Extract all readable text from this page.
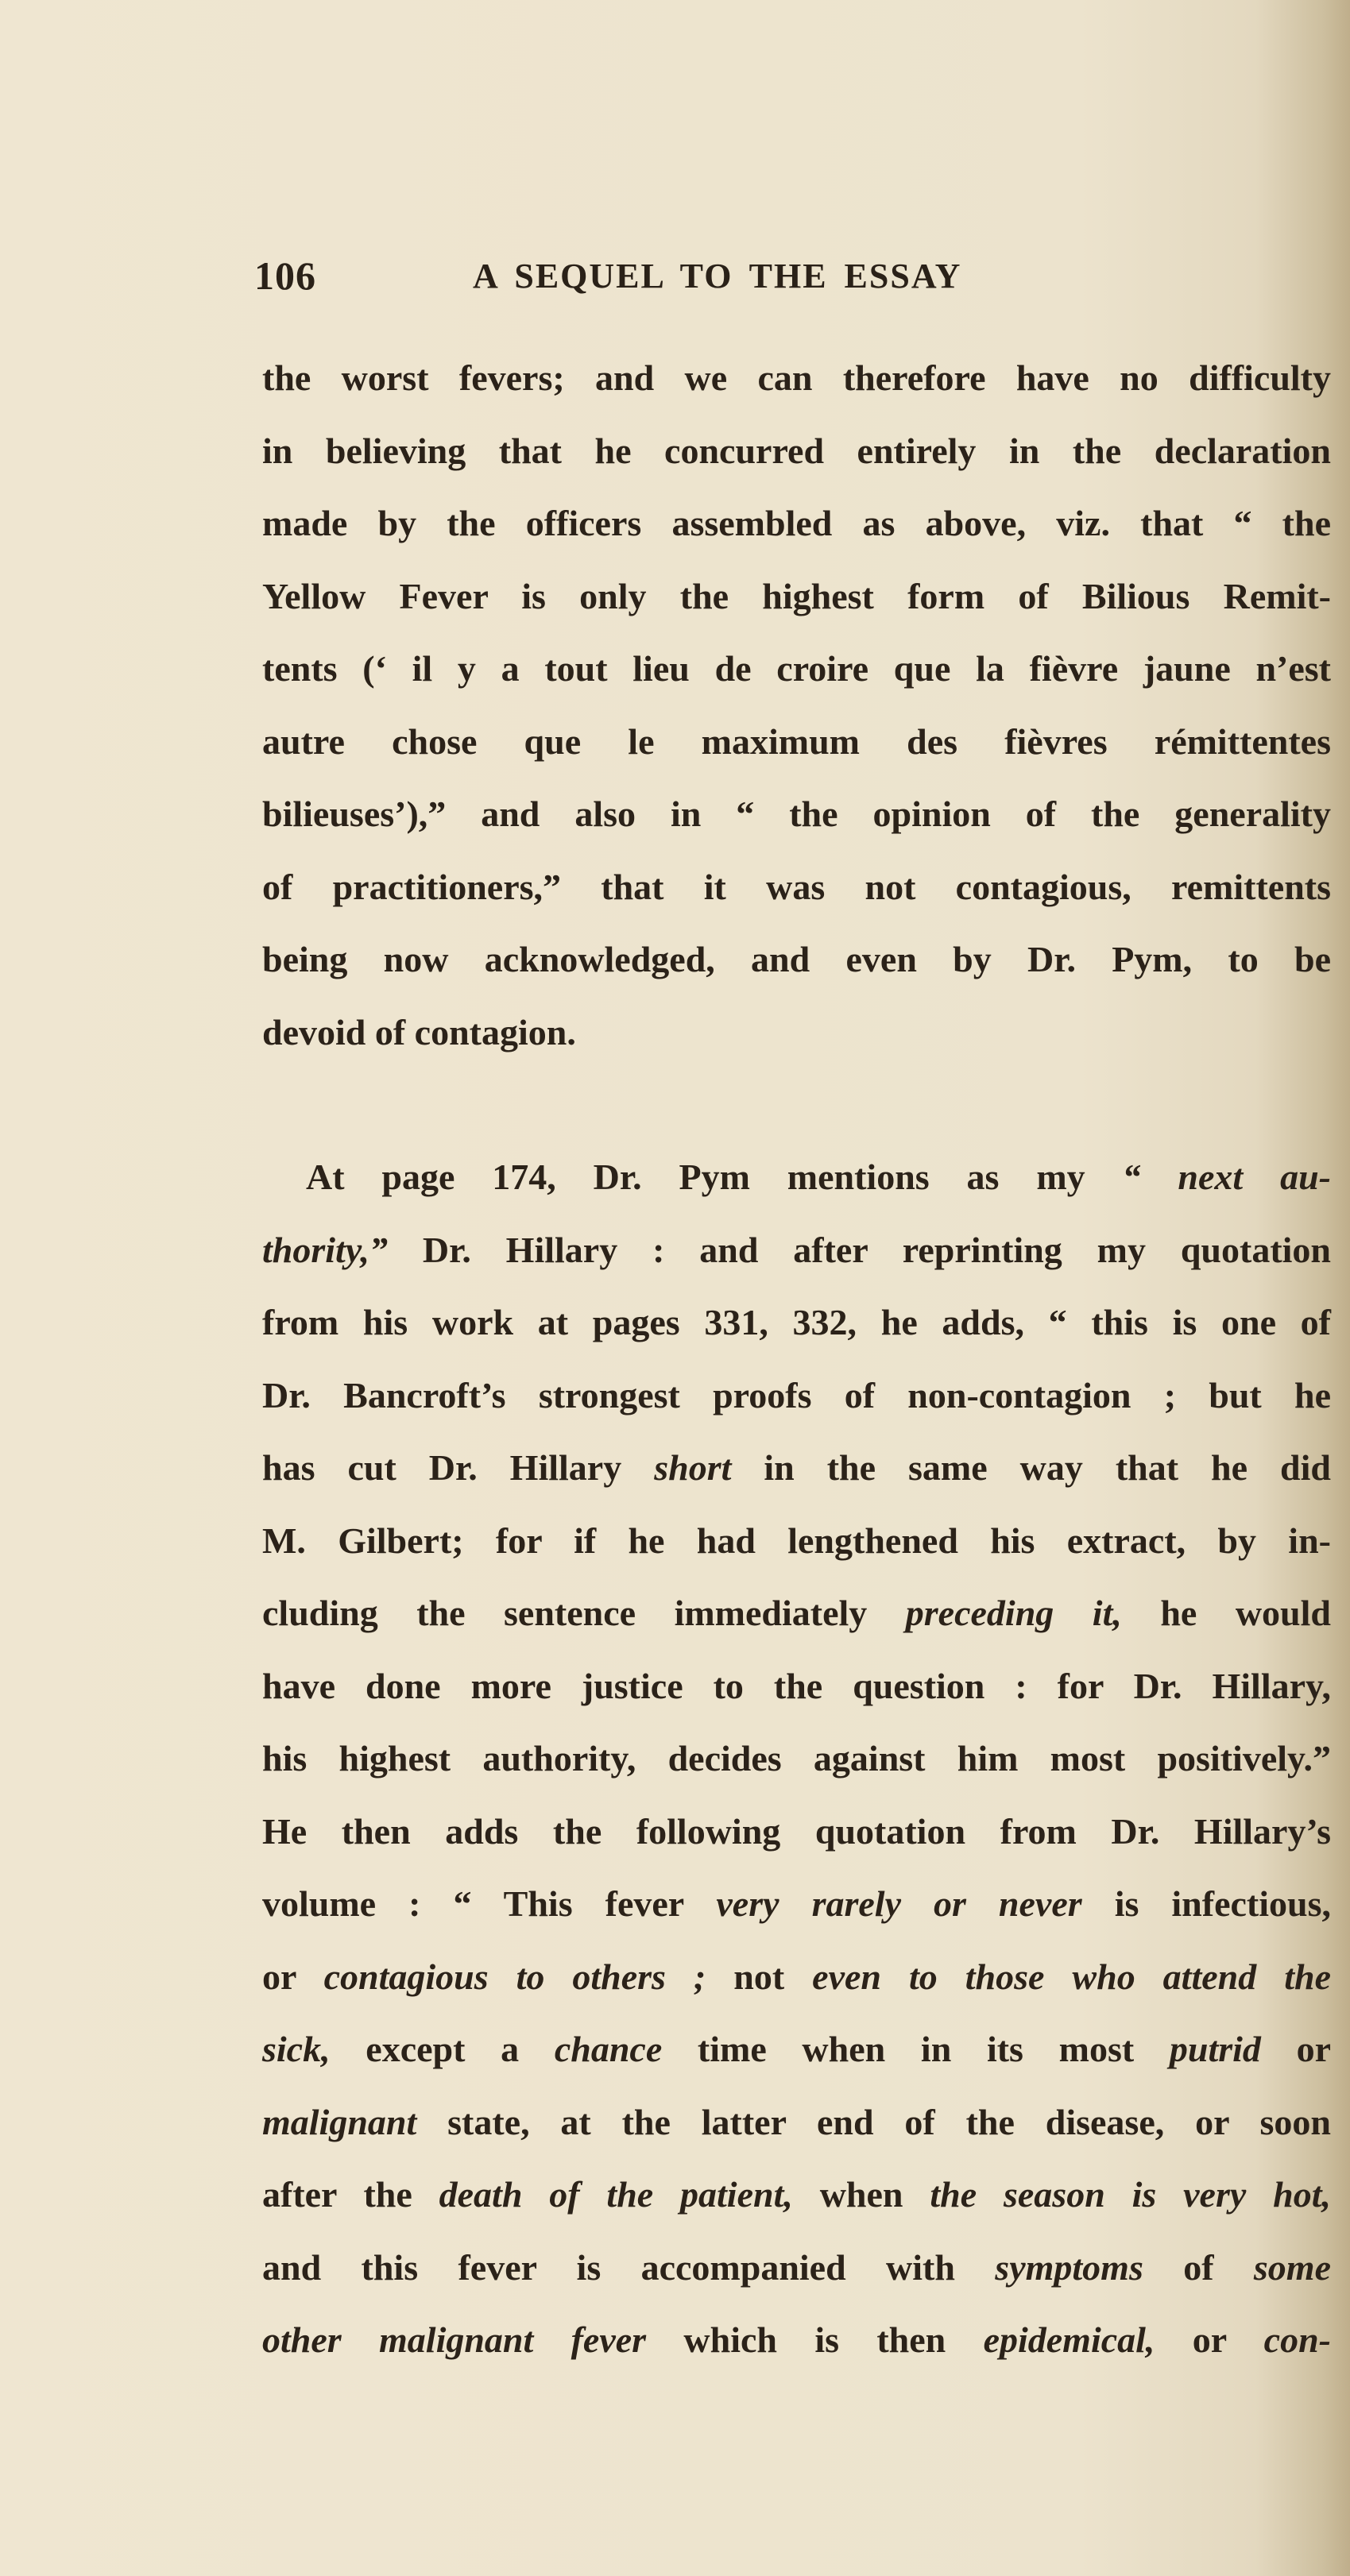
106	A SEQUEL TO THE ESSAY
the worst fevers; and we can therefore have no difficulty
in believing that he concurred entirely in the declaration
made by the officers assembled as above, viz. that “ the
Yellow Fever is only the highest form of Bilious Remit-
tents (‘ il y a tout lieu de croire que la fièvre jaune n’est
autre chose que le maximum des fièvres rémittentes
bilieuses’),” and also in “ the opinion of the generality
of practitioners,” that it was not contagious, remittents
being now acknowledged, and even by Dr. Pym, to be
devoid of contagion.
At page 174, Dr. Pym mentions as my “ next au-
thority,” Dr. Hillary : and after reprinting my quotation
from his work at pages 331, 332, he adds, “ this is one of
Dr. Bancroft’s strongest proofs of non-contagion ; but he
has cut Dr. Hillary short in the same way that he did
M. Gilbert; for if he had lengthened his extract, by in-
cluding the sentence immediately preceding it, he would
have done more justice to the question : for Dr. Hillary,
his highest authority, decides against him most positively.”
He then adds the following quotation from Dr. Hillary’s
volume : “ This fever very rarely or never is infectious,
or contagious to others ; not even to those who attend the
sick, except a chance time when in its most putrid or
malignant state, at the latter end of the disease, or soon
after the death of the patient, when the season is very hot,
and this fever is accompanied with symptoms of some
other malignant fever which is then epidemical, or con-
